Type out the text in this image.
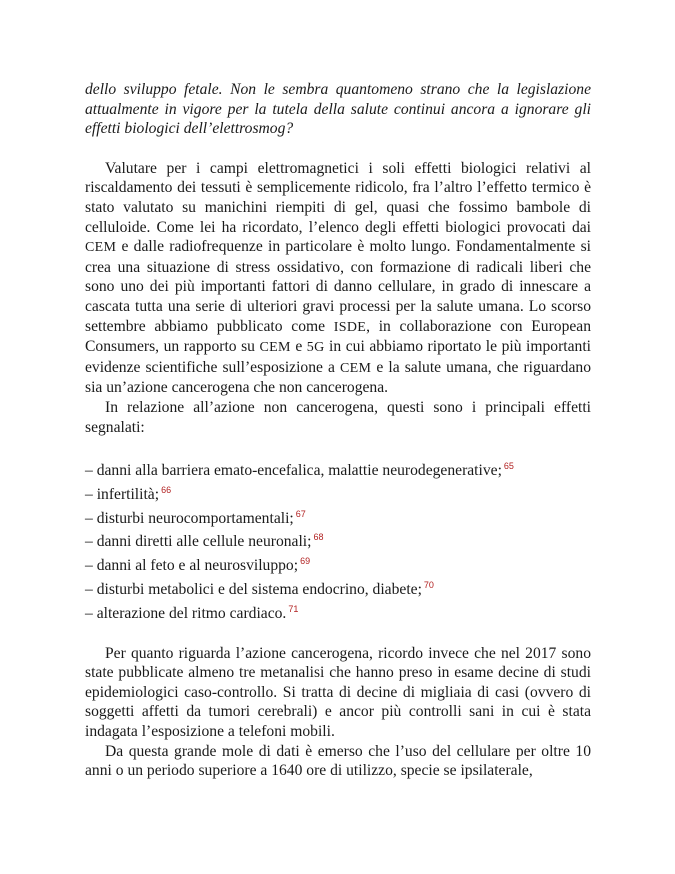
dello sviluppo fetale. Non le sembra quantomeno strano che la legislazione attualmente in vigore per la tutela della salute continui ancora a ignorare gli effetti biologici dell’elettrosmog?

Valutare per i campi elettromagnetici i soli effetti biologici relativi al riscaldamento dei tessuti è semplicemente ridicolo, fra l’altro l’effetto termico è stato valutato su manichini riempiti di gel, quasi che fossimo bambole di celluloide. Come lei ha ricordato, l’elenco degli effetti biologici provocati dai CEM e dalle radiofrequenze in particolare è molto lungo. Fondamentalmente si crea una situazione di stress ossidativo, con formazione di radicali liberi che sono uno dei più importanti fattori di danno cellulare, in grado di innescare a cascata tutta una serie di ulteriori gravi processi per la salute umana. Lo scorso settembre abbiamo pubblicato come ISDE, in collaborazione con European Consumers, un rapporto su CEM e 5G in cui abbiamo riportato le più importanti evidenze scientifiche sull’esposizione a CEM e la salute umana, che riguardano sia un’azione cancerogena che non cancerogena.

In relazione all’azione non cancerogena, questi sono i principali effetti segnalati:

– danni alla barriera emato-encefalica, malattie neurodegenerative; $^{65}$
– infertilità; $^{66}$
– disturbi neurocomportamentali; $^{67}$
– danni diretti alle cellule neuronali; $^{68}$
– danni al feto e al neurosviluppo; $^{69}$
– disturbi metabolici e del sistema endocrino, diabete; $^{70}$
– alterazione del ritmo cardiaco. $^{71}$

Per quanto riguarda l’azione cancerogena, ricordo invece che nel 2017 sono state pubblicate almeno tre metanalisi che hanno preso in esame decine di studi epidemiologici caso-controllo. Si tratta di decine di migliaia di casi (ovvero di soggetti affetti da tumori cerebrali) e ancor più controlli sani in cui è stata indagata l’esposizione a telefoni mobili.

Da questa grande mole di dati è emerso che l’uso del cellulare per oltre 10 anni o un periodo superiore a 1640 ore di utilizzo, specie se ipsilaterale,
